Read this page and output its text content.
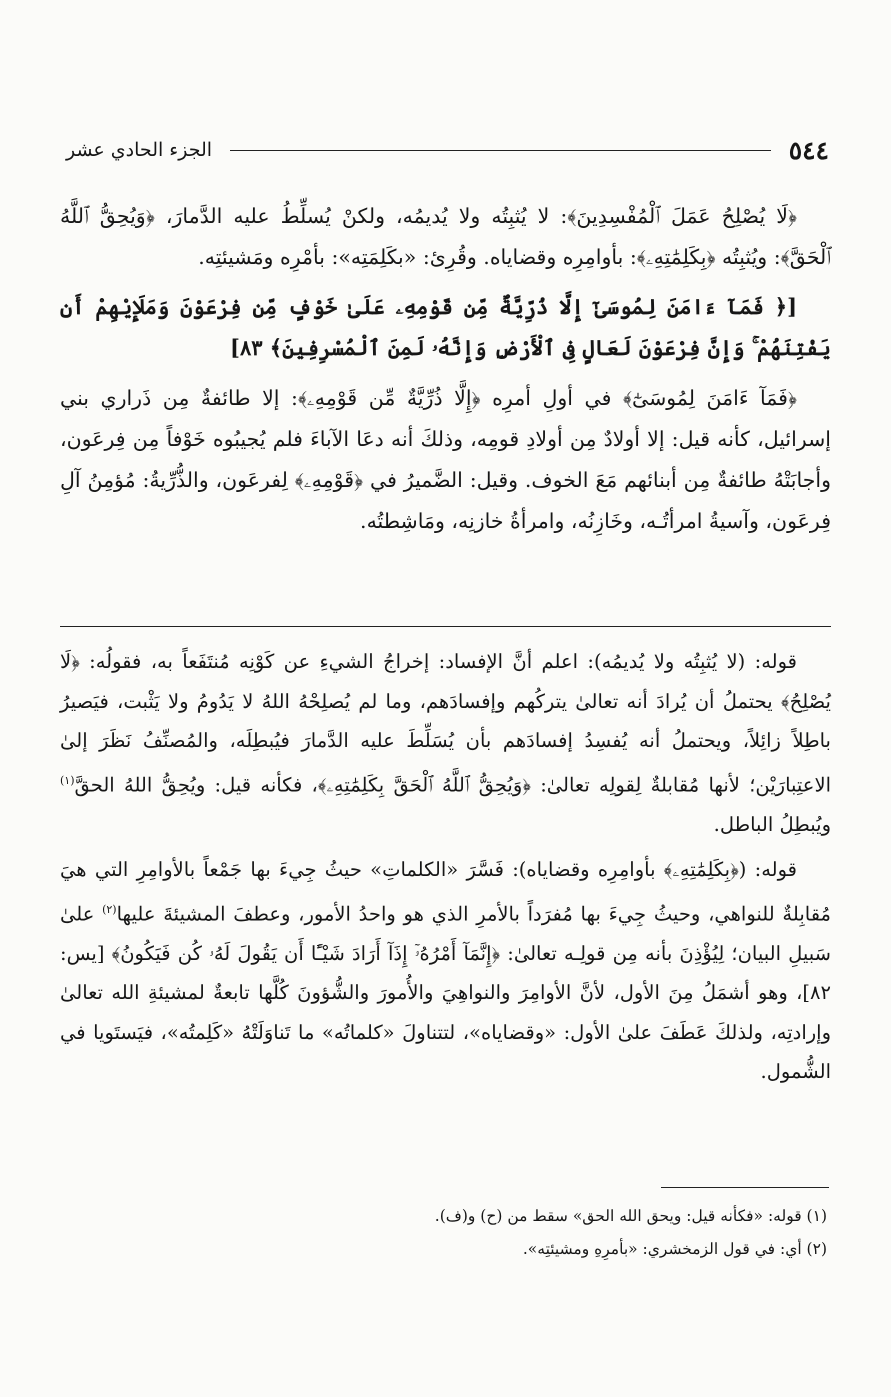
٥٤٤
الجزء الحادي عشر

﴿لَا يُصْلِحُ عَمَلَ ٱلْمُفْسِدِينَ﴾: لا يُثبِتُه ولا يُديمُه، ولكنْ يُسلِّطُ عليه الدَّمارَ، ﴿وَيُحِقُّ ٱللَّهُ ٱلْحَقَّ﴾: ويُثبِتُه ﴿بِكَلِمَٰتِهِۦ﴾: بأوامِرِه وقضاياه. وقُرِئ: «بكَلِمَتِه»: بأمْرِه ومَشيئتِه.

[﴿ فَمَآ ءَامَنَ لِمُوسَىٰٓ إِلَّا ذُرِّيَّةٌ مِّن قَوْمِهِۦ عَلَىٰ خَوْفٍ مِّن فِرْعَوْنَ وَمَلَإِيْهِمْ أَن يَفْتِنَهُمْ ۚ وَإِنَّ فِرْعَوْنَ لَعَالٍ فِى ٱلْأَرْضِ وَإِنَّهُۥ لَمِنَ ٱلْمُسْرِفِينَ﴾ ٨٣]

﴿فَمَآ ءَامَنَ لِمُوسَىٰٓ﴾ في أولِ أمرِه ﴿إِلَّا ذُرِّيَّةٌ مِّن قَوْمِهِۦ﴾: إلا طائفةٌ مِن ذَراري بني إسرائيل، كأنه قيل: إلا أولادٌ مِن أولادِ قومِه، وذلكَ أنه دعَا الآباءَ فلم يُجيبُوه خَوْفاً مِن فِرعَون، وأجابَتْهُ طائفةٌ مِن أبنائهم مَعَ الخوف. وقيل: الضَّميرُ في ﴿قَوْمِهِۦ﴾ لِفرعَون، والذُّرِّيةُ: مُؤمِنُ آلِ فِرعَون، وآسيةُ امرأتُـه، وخَازِنُه، وامرأةُ خازنِه، ومَاشِطتُه.

قوله: (لا يُثبِتُه ولا يُديمُه): اعلم أنَّ الإفساد: إخراجُ الشيءِ عن كَوْنِه مُنتَفَعاً به، فقولُه: ﴿لَا يُصْلِحُ﴾ يحتملُ أن يُرادَ أنه تعالىٰ يتركُهم وإفسادَهم، وما لم يُصلِحْهُ اللهُ لا يَدُومُ ولا يَثْبت، فيَصيرُ باطِلاً زائِلاً، ويحتملُ أنه يُفسِدُ إفسادَهم بأن يُسَلِّطَ عليه الدَّمارَ فيُبطِلَه، والمُصنِّفُ نَظَرَ إلىٰ الاعتِبارَيْن؛ لأنها مُقابلةٌ لِقولِه تعالىٰ: ﴿وَيُحِقُّ ٱللَّهُ ٱلْحَقَّ بِكَلِمَٰتِهِۦ﴾، فكأنه قيل: ويُحِقُّ اللهُ الحقَّ$^{(١)}$ ويُبطِلُ الباطل.

قوله: (﴿بِكَلِمَٰتِهِۦ﴾ بأوامِرِه وقضاياه): فَسَّرَ «الكلماتِ» حيثُ جِيءَ بها جَمْعاً بالأوامِرِ التي هيَ مُقابِلةٌ للنواهي، وحيثُ جِيءَ بها مُفرَداً بالأمرِ الذي هو واحدُ الأمور، وعطفَ المشيئةَ عليها$^{(٢)}$ علىٰ سَبيلِ البيان؛ لِيُؤْذِنَ بأنه مِن قولِـه تعالىٰ: ﴿إِنَّمَآ أَمْرُهُۥٓ إِذَآ أَرَادَ شَيْـًٔا أَن يَقُولَ لَهُۥ كُن فَيَكُونُ﴾ [يس: ٨٢]، وهو أشمَلُ مِنَ الأول، لأنَّ الأوامِرَ والنواهِيَ والأُمورَ والشُّؤونَ كُلَّها تابعةٌ لمشيئةِ الله تعالىٰ وإرادتِه، ولذلكَ عَطَفَ علىٰ الأول: «وقضاياه»، لتتناولَ «كلماتُه» ما تَناوَلَتْهُ «كَلِمتُه»، فيَستَويا في الشُّمول.

(١) قوله: «فكأنه قيل: ويحق الله الحق» سقط من (ح) و(ف).

(٢) أي: في قول الزمخشري: «بأمرِهِ ومشيئتِه».
